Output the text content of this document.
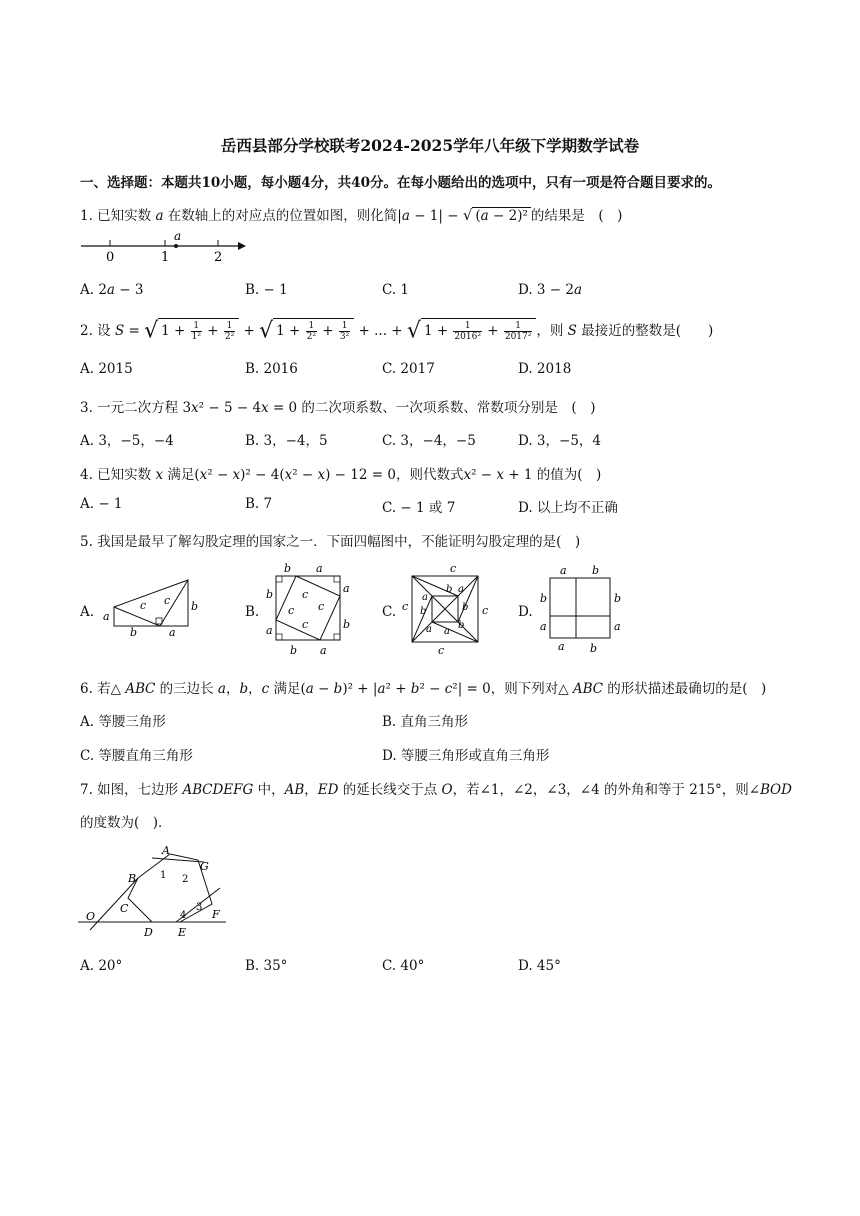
岳西县部分学校联考2024-2025学年八年级下学期数学试卷
一、选择题：本题共10小题，每小题4分，共40分。在每小题给出的选项中，只有一项是符合题目要求的。
1. 已知实数 𝑎 在数轴上的对应点的位置如图，则化简|𝑎 − 1| − √ (𝑎 − 2)² 的结果是　(　)
0	1	2
a
A. 2𝑎 − 3	B. − 1	C. 1	D. 3 − 2𝑎
2. 设 𝑆 = √ $1 + \frac{1}{\text{1²}} + \frac{1}{\text{2²}}$ + √ $1 + \frac{1}{\text{2²}} + \frac{1}{\text{3²}}$ + ... + √ $1 + \frac{1}{\text{2016²}} + \frac{1}{\text{2017²}}$ ，则 𝑆 最接近的整数是(　　)
A. 2015	B. 2016	C. 2017	D. 2018
3. 一元二次方程 3𝑥² − 5 − 4𝑥 = 0 的二次项系数、一次项系数、常数项分别是　(　)
A. 3，−5，−4	B. 3，−4，5	C. 3，−4，−5	D. 3，−5，4
4. 已知实数 𝑥 满足(𝑥² − 𝑥)² − 4(𝑥² − 𝑥) − 12 = 0，则代数式𝑥² − 𝑥 + 1 的值为(　)
A. − 1	B. 7	C. − 1 或 7	D. 以上均不正确
5. 我国是最早了解勾股定理的国家之一．下面四幅图中，不能证明勾股定理的是(　)
A. a
b
c c b
a
B.
b a
a
b
b
a
b a
c
c
c
c
C.
c
c
c
c
a
b a
b
b
a a
b
D.
a b
b	b
a	a
a b
6. 若△ 𝐴𝐵𝐶 的三边长 𝑎，𝑏，𝑐 满足(𝑎 − 𝑏)² + |𝑎² + 𝑏² − 𝑐²| = 0，则下列对△ 𝐴𝐵𝐶 的形状描述最确切的是(　)
A. 等腰三角形	B. 直角三角形
C. 等腰直角三角形	D. 等腰三角形或直角三角形
7. 如图，七边形 𝐴𝐵𝐶𝐷𝐸𝐹𝐺 中，𝐴𝐵，𝐸𝐷 的延长线交于点 𝑂，若∠1，∠2，∠3，∠4 的外角和等于 215°，则∠𝐵𝑂𝐷
的度数为(　)．
A
B
C
D E
F
G
O
1 2
3
4
A. 20°	B. 35°	C. 40°	D. 45°
